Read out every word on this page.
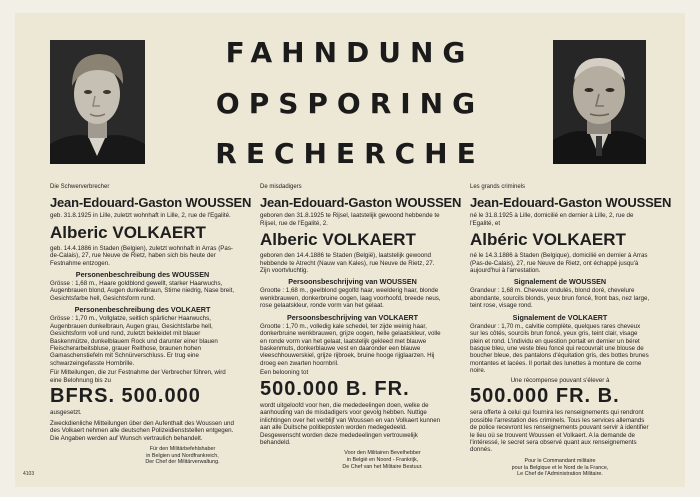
FAHNDUNG
OPSPORING
RECHERCHE

Die Schwerverbrecher

Jean-Edouard-Gaston WOUSSEN

geb. 31.8.1925 in Lille, zuletzt wohnhaft in Lille, 2, rue de l'Egalité.

Alberic VOLKAERT

geb. 14.4.1886 in Staden (Belgien), zuletzt wohnhaft in Arras (Pas-de-Calais), 27, rue Neuve de Rietz, haben sich bis heute der Festnahme entzogen.

Personenbeschreibung des WOUSSEN

Grösse : 1,68 m., Haare goldblond gewellt, starker Haarwuchs, Augenbrauen blond, Augen dunkelbraun, Stirne niedrig, Nase breit, Gesichtsfarbe hell, Gesichtsform rund.

Personenbeschreibung des VOLKAERT

Grösse : 1,70 m., Vollglatze, seitlich spärlicher Haarwuchs, Augenbrauen dunkelbraun, Augen grau, Gesichtsfarbe hell, Gesichtsform voll und rund, zuletzt bekleidet mit blauer Baskenmütze, dunkelblauem Rock und darunter einer blauen Fleischerarbeitsbluse, grauer Reithose, braunen hohen Gamaschenstiefeln mit Schnürverschluss. Er trug eine schwarzeingefasste Hornbrille.

Für Mitteilungen, die zur Festnahme der Verbrecher führen, wird eine Belohnung bis zu

BFRS. 500.000

ausgesetzt.

Zweckdienliche Mitteilungen über den Aufenthalt des Woussen und des Volkaert nehmen alle deutschen Polizeidienststellen entgegen. Die Angaben werden auf Wunsch vertraulich behandelt.

Für den Militärbefehlshaber
in Belgien und Nordfrankreich,
Der Chef der Militärverwaltung.

De misdadigers

Jean-Edouard-Gaston WOUSSEN

geboren den 31.8.1925 te Rijsel, laatstelijk gewoond hebbende te Rijsel, rue de l'Egalité, 2.

Alberic VOLKAERT

geboren den 14.4.1886 te Staden (België), laatstelijk gewoond hebbende te Atrecht (Nauw van Kales), rue Neuve de Rietz, 27. Zijn voortvluchtig.

Persoonsbeschrijving van WOUSSEN

Grootte : 1,68 m., geelblond gegolfd haar, weelderig haar, blonde wenkbrauwen, donkerbruine oogen, laag voorhoofd, breede neus, rose gelaatskleur, ronde vorm van het gelaat.

Persoonsbeschrijving van VOLKAERT

Grootte : 1,70 m., volledig kale schedel, ter zijde weinig haar, donkerbruine wenkbrauwen, grijze oogen, helle gelaatskleur, volle en ronde vorm van het gelaat, laatstelijk gekleed met blauwe baskenmuts, donkerblauwe vest en daaronder een blauwe vleeschhouwerskiel, grijze rijbroek, bruine hooge rijglaarzen. Hij droeg een zwarten hoornbril.

Een belooning tot

500.000 B. FR.

wordt uitgeloofd voor hen, die mededeelingen doen, welke de aanhouding van de misdadigers voor gevolg hebben. Nuttige inlichtingen over het verblijf van Woussen en van Volkaert kunnen aan alle Duitsche politieposten worden medegedeeld. Desgewenscht worden deze mededeelingen vertrouwelijk behandeld.

Voor den Militairen Bevelhebber
in België en Noord - Frankrijk,
De Chef van het Militaire Bestuur.

Les grands criminels

Jean-Edouard-Gaston WOUSSEN

né le 31.8.1925 à Lille, domicilié en dernier à Lille, 2, rue de l'Egalité, et

Albéric VOLKAERT

né le 14.3.1886 à Staden (Belgique), domicilié en dernier à Arras (Pas-de-Calais), 27, rue Neuve de Rietz, ont échappé jusqu'à aujourd'hui à l'arrestation.

Signalement de WOUSSEN

Grandeur : 1,68 m. Cheveux ondulés, blond doré, chevelure abondante, sourcils blonds, yeux brun foncé, front bas, nez large, teint rose, visage rond.

Signalement de VOLKAERT

Grandeur : 1,70 m., calvitie complète, quelques rares cheveux sur les côtés, sourcils brun foncé, yeux gris, teint clair, visage plein et rond. L'individu en question portait en dernier un béret basque bleu, une veste bleu foncé qui recouvrait une blouse de boucher bleue, des pantalons d'équitation gris, des bottes brunes montantes et lacées. Il portait des lunettes à monture de corne noire.

Une récompense pouvant s'élever à

500.000 FR. B.

sera offerte à celui qui fournira les renseignements qui rendront possible l'arrestation des criminels. Tous les services allemands de police recevront les renseignements pouvant servir à identifier le lieu où se trouvent Woussen et Volkaert. A la demande de l'intéressé, le secret sera observé quant aux renseignements donnés.

Pour le Commandant militaire
pour la Belgique et le Nord de la France,
Le Chef de l'Administration Militaire.

4103
